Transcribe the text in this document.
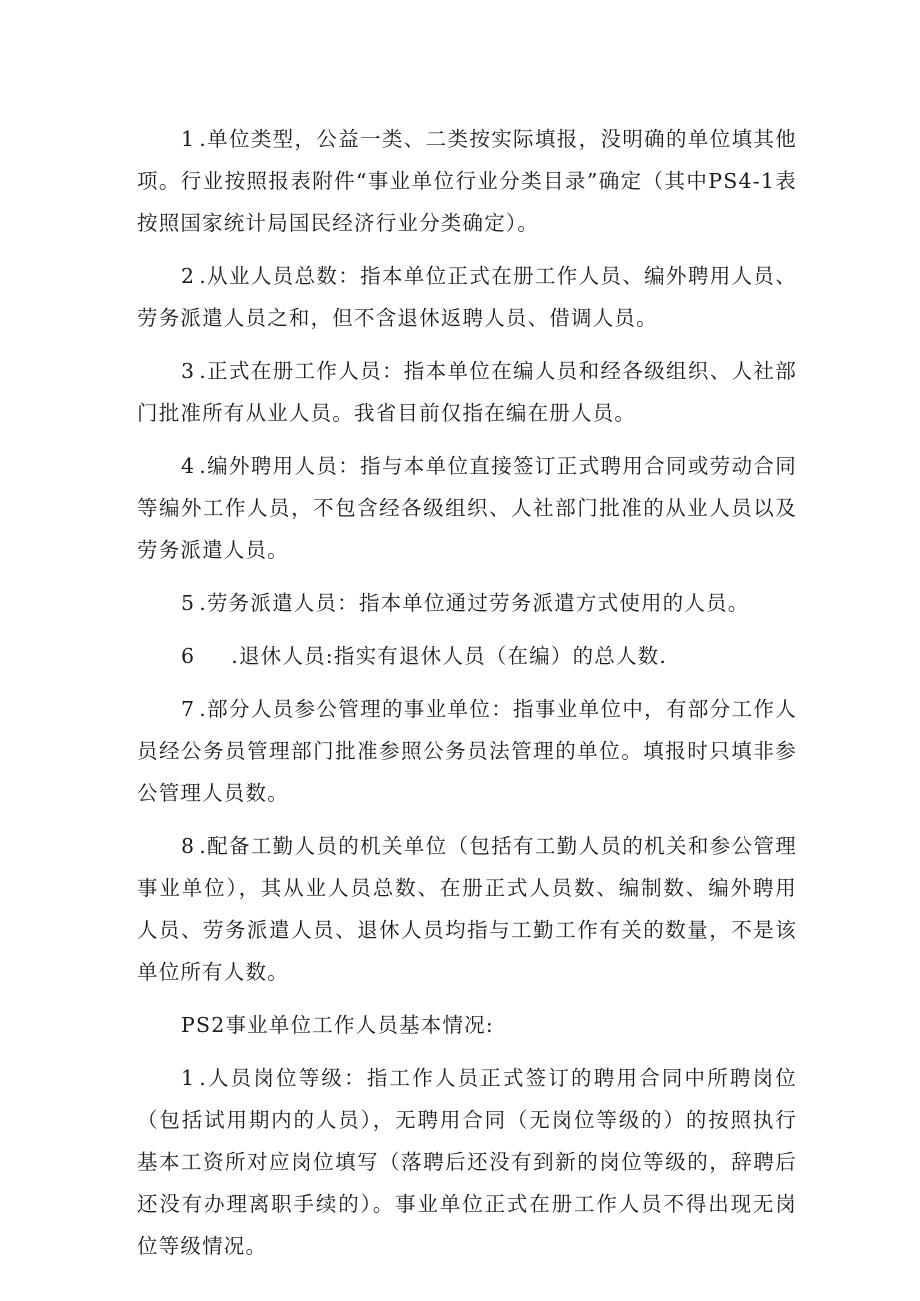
1 .单位类型，公益一类、二类按实际填报，没明确的单位填其他项。行业按照报表附件“事业单位行业分类目录”确定（其中PS4-1表按照国家统计局国民经济行业分类确定）。

2 .从业人员总数：指本单位正式在册工作人员、编外聘用人员、劳务派遣人员之和，但不含退休返聘人员、借调人员。

3 .正式在册工作人员：指本单位在编人员和经各级组织、人社部门批准所有从业人员。我省目前仅指在编在册人员。

4 .编外聘用人员：指与本单位直接签订正式聘用合同或劳动合同等编外工作人员，不包含经各级组织、人社部门批准的从业人员以及劳务派遣人员。

5 .劳务派遣人员：指本单位通过劳务派遣方式使用的人员。

6 .退休人员:指实有退休人员（在编）的总人数.

7 .部分人员参公管理的事业单位：指事业单位中，有部分工作人员经公务员管理部门批准参照公务员法管理的单位。填报时只填非参公管理人员数。

8 .配备工勤人员的机关单位（包括有工勤人员的机关和参公管理事业单位），其从业人员总数、在册正式人员数、编制数、编外聘用人员、劳务派遣人员、退休人员均指与工勤工作有关的数量，不是该单位所有人数。

PS2事业单位工作人员基本情况:

1 .人员岗位等级：指工作人员正式签订的聘用合同中所聘岗位（包括试用期内的人员），无聘用合同（无岗位等级的）的按照执行基本工资所对应岗位填写（落聘后还没有到新的岗位等级的，辞聘后还没有办理离职手续的）。事业单位正式在册工作人员不得出现无岗位等级情况。
